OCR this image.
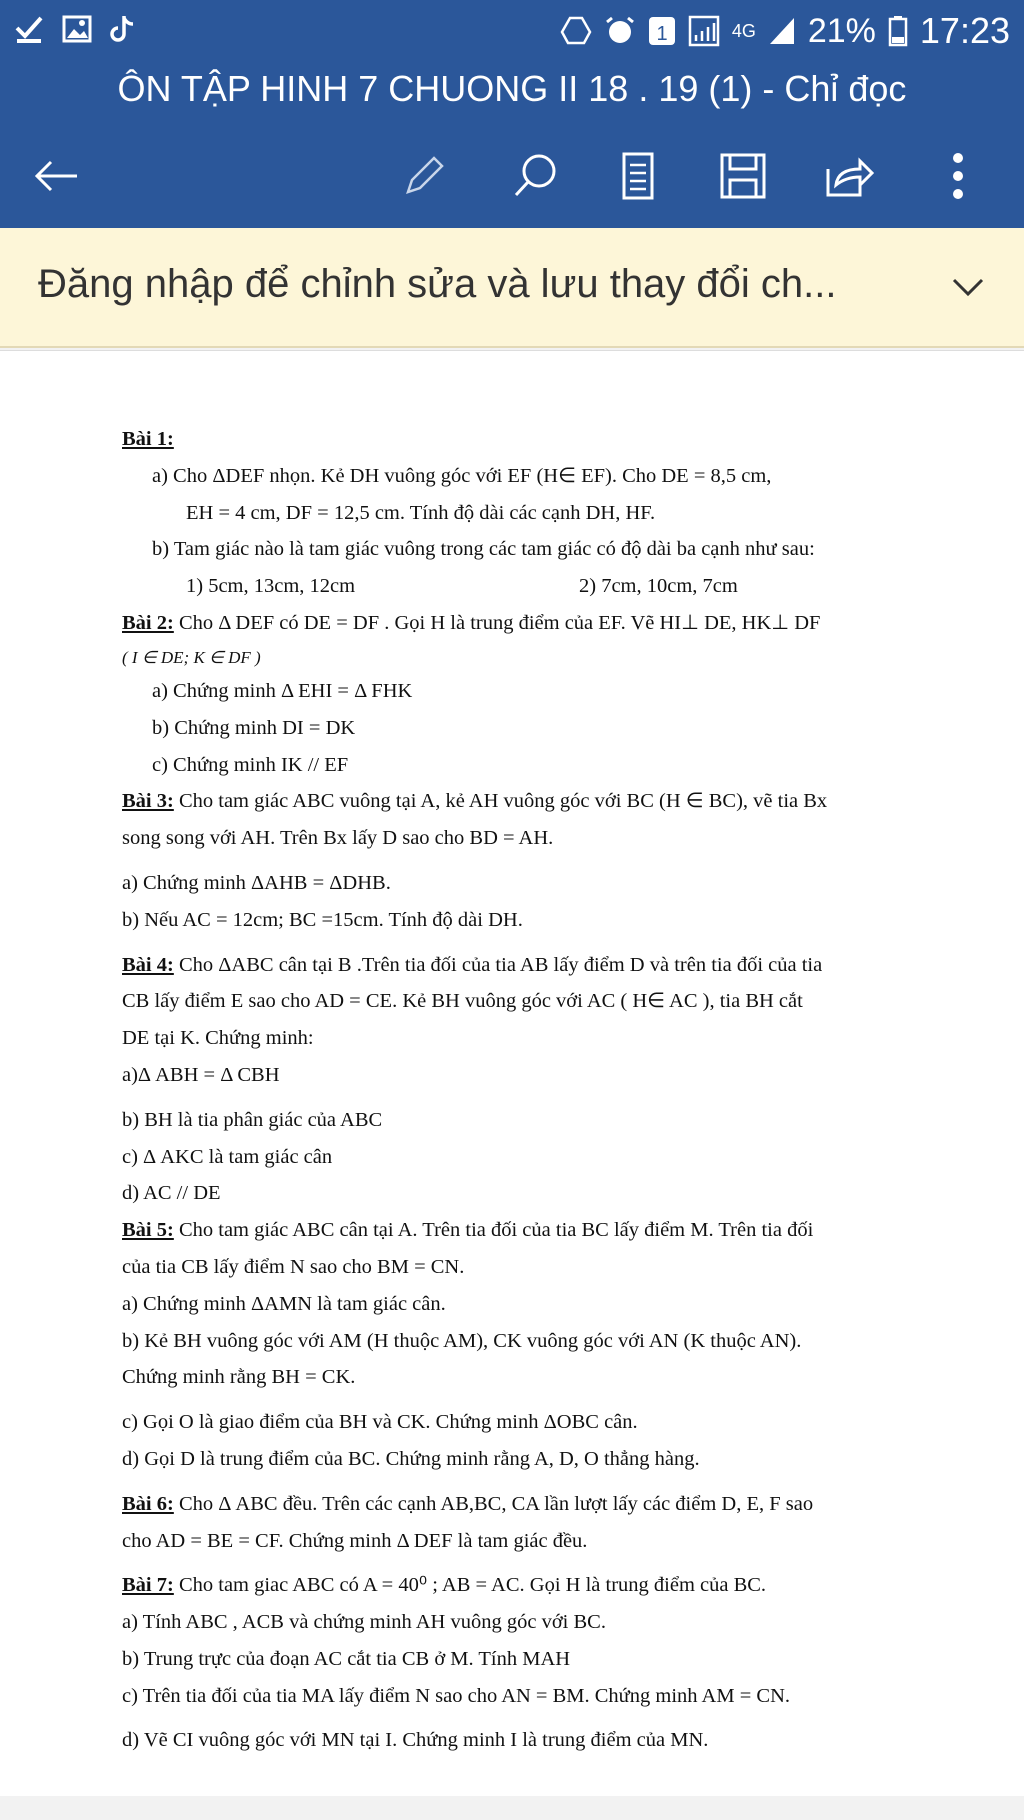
1	4G 21% 17:23
ÔN TẬP HINH 7 CHUONG II 18 . 19 (1) - Chỉ đọc
Đăng nhập để chỉnh sửa và lưu thay đổi ch...

Bài 1:

a) Cho ΔDEF nhọn. Kẻ DH vuông góc với EF (H∈ EF). Cho DE = 8,5 cm,

EH = 4 cm, DF = 12,5 cm. Tính độ dài các cạnh DH, HF.

b) Tam giác nào là tam giác vuông trong các tam giác có độ dài ba cạnh như sau:

1) 5cm, 13cm, 12cm	2) 7cm, 10cm, 7cm

Bài 2: Cho Δ DEF có DE = DF . Gọi H là trung điểm của EF. Vẽ HI⊥ DE, HK⊥ DF

( I ∈ DE; K ∈ DF )

a) Chứng minh Δ EHI = Δ FHK

b) Chứng minh DI = DK

c) Chứng minh IK // EF

Bài 3: Cho tam giác ABC vuông tại A, kẻ AH vuông góc với BC (H ∈ BC), vẽ tia Bx

song song với AH. Trên Bx lấy D sao cho BD = AH.

a) Chứng minh ΔAHB = ΔDHB.

b) Nếu AC = 12cm; BC =15cm. Tính độ dài DH.

Bài 4: Cho ΔABC cân tại B .Trên tia đối của tia AB lấy điểm D và trên tia đối của tia

CB lấy điểm E sao cho AD = CE. Kẻ BH vuông góc với AC ( H∈ AC ), tia BH cắt

DE tại K. Chứng minh:

a)Δ ABH = Δ CBH

b) BH là tia phân giác của ABC

c) Δ AKC là tam giác cân

d) AC // DE

Bài 5: Cho tam giác ABC cân tại A. Trên tia đối của tia BC lấy điểm M. Trên tia đối

của tia CB lấy điểm N sao cho BM = CN.

a) Chứng minh ΔAMN là tam giác cân.

b) Kẻ BH vuông góc với AM (H thuộc AM), CK vuông góc với AN (K thuộc AN).

Chứng minh rằng BH = CK.

c) Gọi O là giao điểm của BH và CK. Chứng minh ΔOBC cân.

d) Gọi D là trung điểm của BC. Chứng minh rằng A, D, O thẳng hàng.

Bài 6: Cho Δ ABC đều. Trên các cạnh AB,BC, CA lần lượt lấy các điểm D, E, F sao

cho AD = BE = CF. Chứng minh Δ DEF là tam giác đều.

Bài 7: Cho tam giac ABC có A = 40⁰ ; AB = AC. Gọi H là trung điểm của BC.

a) Tính ABC , ACB và chứng minh AH vuông góc với BC.

b) Trung trực của đoạn AC cắt tia CB ở M. Tính MAH

c) Trên tia đối của tia MA lấy điểm N sao cho AN = BM. Chứng minh AM = CN.

d) Vẽ CI vuông góc với MN tại I. Chứng minh I là trung điểm của MN.
